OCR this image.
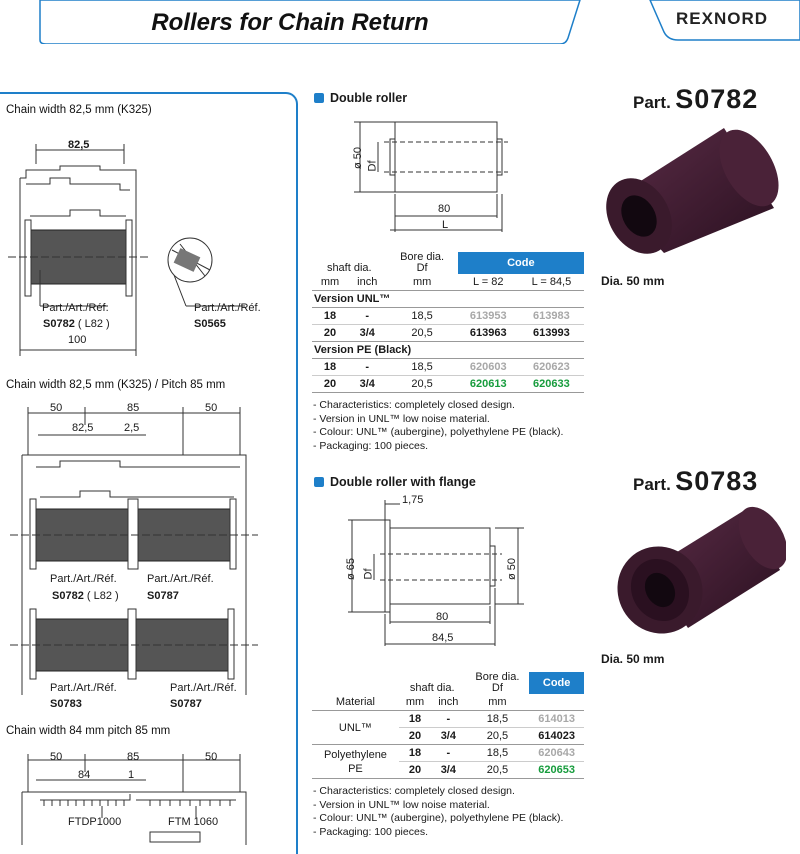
Rollers for Chain Return	REXNORD
Chain width 82,5 mm (K325)
82,5
Part./Art./Réf.
S0782 ( L82 )
100
Part./Art./Réf.
S0565
Chain width 82,5 mm (K325) / Pitch 85 mm
50	85	50
82,5	2,5
Part./Art./Réf.
S0782 ( L82 )
Part./Art./Réf.
S0787
Part./Art./Réf.
S0783
Part./Art./Réf.
S0787
Chain width 84 mm pitch 85 mm
50	85	50
84	1
FTDP1000	FTM 1060
Double roller	Part. S0782
ø 50 Df
80
L
Dia. 50 mm
shaft dia.		Bore dia.
Df	Code	
mm	inch	mm	L = 82	L = 84,5
Version UNL™				
18	-	18,5	613953	613983
20	3/4	20,5	613963	613993
Version PE (Black)				
18	-	18,5	620603	620623
20	3/4	20,5	620613	620633
- Characteristics: completely closed design.
- Version in UNL™ low noise material.
- Colour: UNL™ (aubergine), polyethylene PE (black).
- Packaging: 100 pieces.
Double roller with flange	Part. S0783
1,75
ø 65 Df	ø 50
80
84,5
Dia. 50 mm
	shaft dia.		Bore dia.
Df	Code
Material	mm	inch	mm	
UNL™	18	-	18,5	614013
	20	3/4	20,5	614023
Polyethylene
PE	18	-	18,5	620643
	20	3/4	20,5	620653
- Characteristics: completely closed design.
- Version in UNL™ low noise material.
- Colour: UNL™ (aubergine), polyethylene PE (black).
- Packaging: 100 pieces.
